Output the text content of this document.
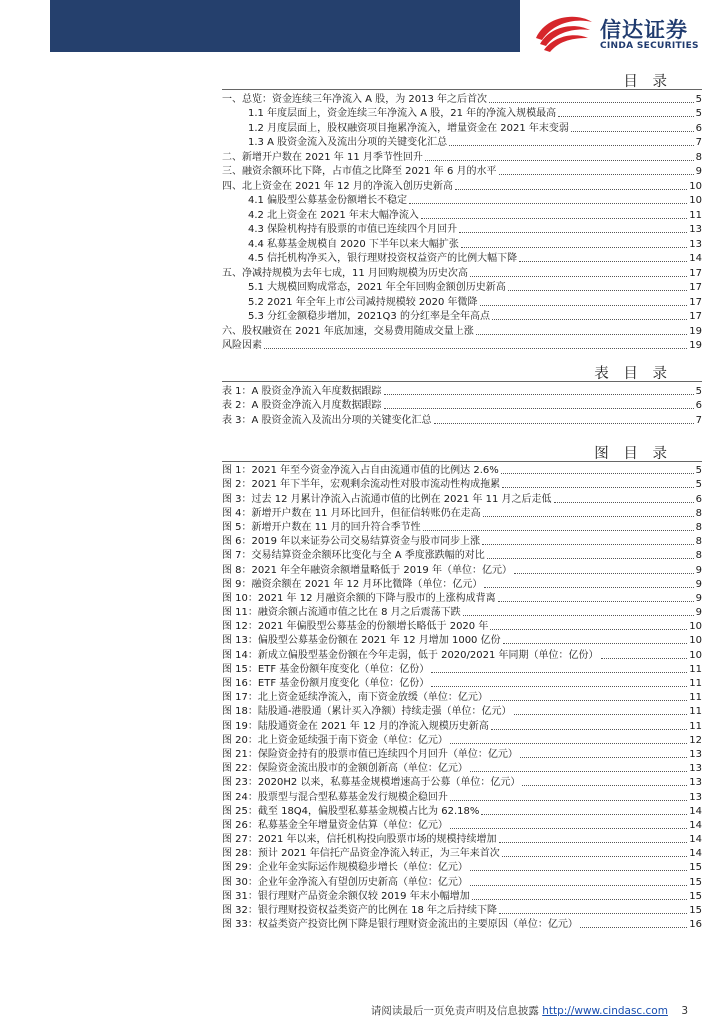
信达证券
CINDA SECURITIES
目 录
一、总览：资金连续三年净流入 A 股，为 2013 年之后首次	5
1.1 年度层面上，资金连续三年净流入 A 股，21 年的净流入规模最高	5
1.2 月度层面上，股权融资项目拖累净流入，增量资金在 2021 年末变弱	6
1.3 A 股资金流入及流出分项的关键变化汇总	7
二、新增开户数在 2021 年 11 月季节性回升	8
三、融资余额环比下降，占市值之比降至 2021 年 6 月的水平	9
四、北上资金在 2021 年 12 月的净流入创历史新高	10
4.1 偏股型公募基金份额增长不稳定	10
4.2 北上资金在 2021 年末大幅净流入	11
4.3 保险机构持有股票的市值已连续四个月回升	13
4.4 私募基金规模自 2020 下半年以来大幅扩张	13
4.5 信托机构净买入，银行理财投资权益资产的比例大幅下降	14
五、净减持规模为去年七成，11 月回购规模为历史次高	17
5.1 大规模回购成常态，2021 年全年回购金额创历史新高	17
5.2 2021 年全年上市公司减持规模较 2020 年微降	17
5.3 分红金额稳步增加，2021Q3 的分红率是全年高点	17
六、股权融资在 2021 年底加速，交易费用随成交量上涨	19
风险因素	19
表 目 录
表 1：A 股资金净流入年度数据跟踪	5
表 2：A 股资金净流入月度数据跟踪	6
表 3：A 股资金流入及流出分项的关键变化汇总	7
图 目 录
图 1：2021 年至今资金净流入占自由流通市值的比例达 2.6%	5
图 2：2021 年下半年，宏观剩余流动性对股市流动性构成拖累	5
图 3：过去 12 月累计净流入占流通市值的比例在 2021 年 11 月之后走低	6
图 4：新增开户数在 11 月环比回升，但征信转账仍在走高	8
图 5：新增开户数在 11 月的回升符合季节性	8
图 6：2019 年以来证券公司交易结算资金与股市同步上涨	8
图 7：交易结算资金余额环比变化与全 A 季度涨跌幅的对比	8
图 8：2021 年全年融资余额增量略低于 2019 年（单位：亿元）	9
图 9：融资余额在 2021 年 12 月环比微降（单位：亿元）	9
图 10：2021 年 12 月融资余额的下降与股市的上涨构成背离	9
图 11：融资余额占流通市值之比在 8 月之后震荡下跌	9
图 12：2021 年偏股型公募基金的份额增长略低于 2020 年	10
图 13：偏股型公募基金份额在 2021 年 12 月增加 1000 亿份	10
图 14：新成立偏股型基金份额在今年走弱，低于 2020/2021 年同期（单位：亿份）	10
图 15：ETF 基金份额年度变化（单位：亿份）	11
图 16：ETF 基金份额月度变化（单位：亿份）	11
图 17：北上资金延续净流入，南下资金放缓（单位：亿元）	11
图 18：陆股通-港股通（累计买入净额）持续走强（单位：亿元）	11
图 19：陆股通资金在 2021 年 12 月的净流入规模历史新高	11
图 20：北上资金延续强于南下资金（单位：亿元）	12
图 21：保险资金持有的股票市值已连续四个月回升（单位：亿元）	13
图 22：保险资金流出股市的金额创新高（单位：亿元）	13
图 23：2020H2 以来，私募基金规模增速高于公募（单位：亿元）	13
图 24：股票型与混合型私募基金发行规模企稳回升	13
图 25：截至 18Q4，偏股型私募基金规模占比为 62.18%	14
图 26：私募基金全年增量资金估算（单位：亿元）	14
图 27：2021 年以来，信托机构投向股票市场的规模持续增加	14
图 28：预计 2021 年信托产品资金净流入转正，为三年来首次	14
图 29：企业年金实际运作规模稳步增长（单位：亿元）	15
图 30：企业年金净流入有望创历史新高（单位：亿元）	15
图 31：银行理财产品资金余额仅较 2019 年末小幅增加	15
图 32：银行理财投资权益类资产的比例在 18 年之后持续下降	15
图 33：权益类资产投资比例下降是银行理财资金流出的主要原因（单位：亿元）	16
请阅读最后一页免责声明及信息披露 http://www.cindasc.com 3
